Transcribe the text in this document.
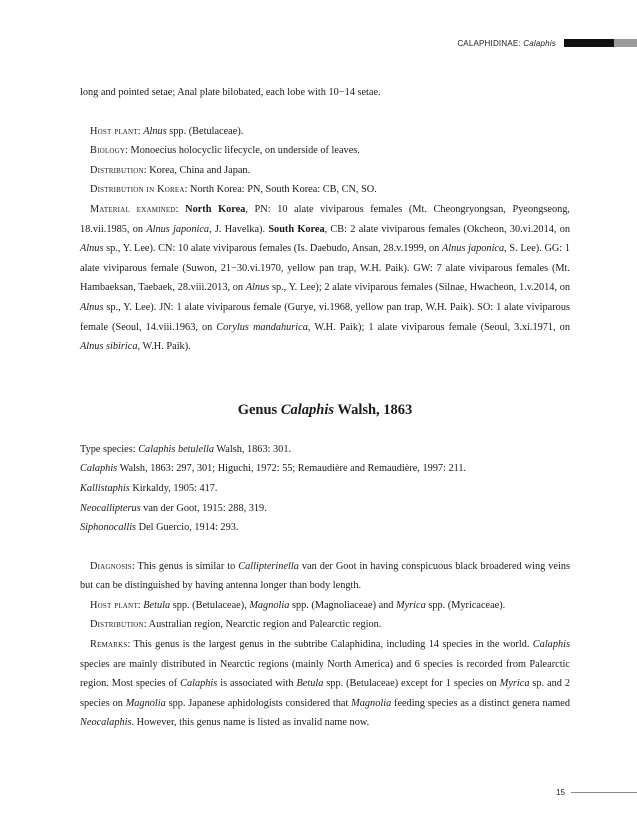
CALAPHIDINAE: Calaphis

long and pointed setae; Anal plate bilobated, each lobe with 10−14 setae.

Host plant: Alnus spp. (Betulaceae).

Biology: Monoecius holocyclic lifecycle, on underside of leaves.

Distribution: Korea, China and Japan.

Distribution in Korea: North Korea: PN, South Korea: CB, CN, SO.

Material examined: North Korea, PN: 10 alate viviparous females (Mt. Cheongryongsan, Pyeongseong, 18.vii.1985, on Alnus japonica, J. Havelka). South Korea, CB: 2 alate viviparous females (Okcheon, 30.vi.2014, on Alnus sp., Y. Lee). CN: 10 alate viviparous females (Is. Daebudo, Ansan, 28.v.1999, on Alnus japonica, S. Lee). GG: 1 alate viviparous female (Suwon, 21−30.vi.1970, yellow pan trap, W.H. Paik). GW: 7 alate viviparous females (Mt. Hambaeksan, Taebaek, 28.viii.2013, on Alnus sp., Y. Lee); 2 alate viviparous females (Silnae, Hwacheon, 1.v.2014, on Alnus sp., Y. Lee). JN: 1 alate viviparous female (Gurye, vi.1968, yellow pan trap, W.H. Paik). SO: 1 alate viviparous female (Seoul, 14.viii.1963, on Corylus mandahurica, W.H. Paik); 1 alate viviparous female (Seoul, 3.xi.1971, on Alnus sibirica, W.H. Paik).

Genus Calaphis Walsh, 1863

Type species: Calaphis betulella Walsh, 1863: 301.

Calaphis Walsh, 1863: 297, 301; Higuchi, 1972: 55; Remaudière and Remaudière, 1997: 211.

Kallistaphis Kirkaldy, 1905: 417.

Neocallipterus van der Goot, 1915: 288, 319.

Siphonocallis Del Guercio, 1914: 293.

Diagnosis: This genus is similar to Callipterinella van der Goot in having conspicuous black broadered wing veins but can be distinguished by having antenna longer than body length.

Host plant: Betula spp. (Betulaceae), Magnolia spp. (Magnoliaceae) and Myrica spp. (Myricaceae).

Distribution: Australian region, Nearctic region and Palearctic region.

Remarks: This genus is the largest genus in the subtribe Calaphidina, including 14 species in the world. Calaphis species are mainly distributed in Nearctic regions (mainly North America) and 6 species is recorded from Palearctic region. Most species of Calaphis is associated with Betula spp. (Betulaceae) except for 1 species on Myrica sp. and 2 species on Magnolia spp. Japanese aphidologists considered that Magnolia feeding species as a distinct genera named Neocalaphis. However, this genus name is listed as invalid name now.

15
